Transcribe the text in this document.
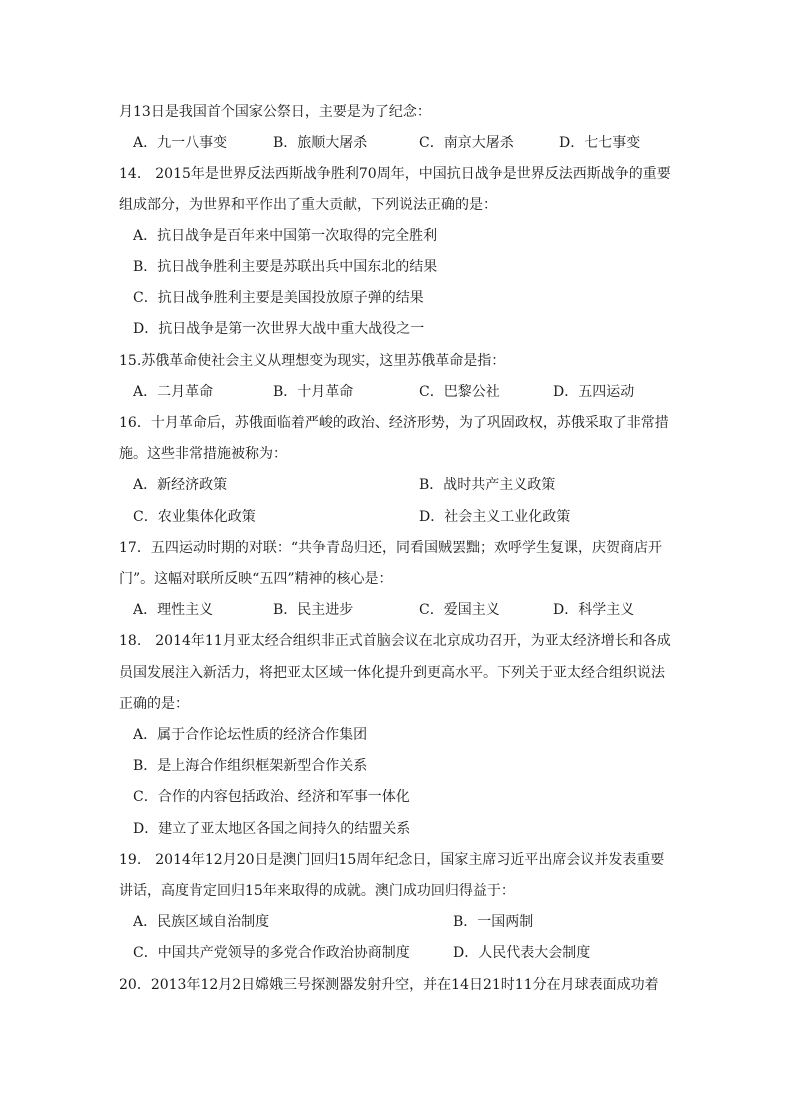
月13日是我国首个国家公祭日，主要是为了纪念：
A．九一八事变	B．旅顺大屠杀	C．南京大屠杀	D．七七事变
14.　2015年是世界反法西斯战争胜利70周年，中国抗日战争是世界反法西斯战争的重要
组成部分，为世界和平作出了重大贡献，下列说法正确的是：
A．抗日战争是百年来中国第一次取得的完全胜利
B．抗日战争胜利主要是苏联出兵中国东北的结果
C．抗日战争胜利主要是美国投放原子弹的结果
D．抗日战争是第一次世界大战中重大战役之一
15.苏俄革命使社会主义从理想变为现实，这里苏俄革命是指：
A．二月革命	B．十月革命	C．巴黎公社	D．五四运动
16．十月革命后，苏俄面临着严峻的政治、经济形势，为了巩固政权，苏俄采取了非常措
施。这些非常措施被称为：
A．新经济政策	B．战时共产主义政策
C．农业集体化政策	D．社会主义工业化政策
17．五四运动时期的对联：“共争青岛归还，同看国贼罢黜；欢呼学生复课，庆贺商店开
门”。这幅对联所反映“五四”精神的核心是：
A．理性主义	B．民主进步	C．爱国主义	D．科学主义
18.　2014年11月亚太经合组织非正式首脑会议在北京成功召开，为亚太经济增长和各成
员国发展注入新活力，将把亚太区域一体化提升到更高水平。下列关于亚太经合组织说法
正确的是：
A．属于合作论坛性质的经济合作集团
B．是上海合作组织框架新型合作关系
C．合作的内容包括政治、经济和军事一体化
D．建立了亚太地区各国之间持久的结盟关系
19.　2014年12月20日是澳门回归15周年纪念日，国家主席习近平出席会议并发表重要
讲话，高度肯定回归15年来取得的成就。澳门成功回归得益于：
A．民族区域自治制度	B．一国两制
C．中国共产党领导的多党合作政治协商制度	D．人民代表大会制度
20．2013年12月2日嫦娥三号探测器发射升空，并在14日21时11分在月球表面成功着
